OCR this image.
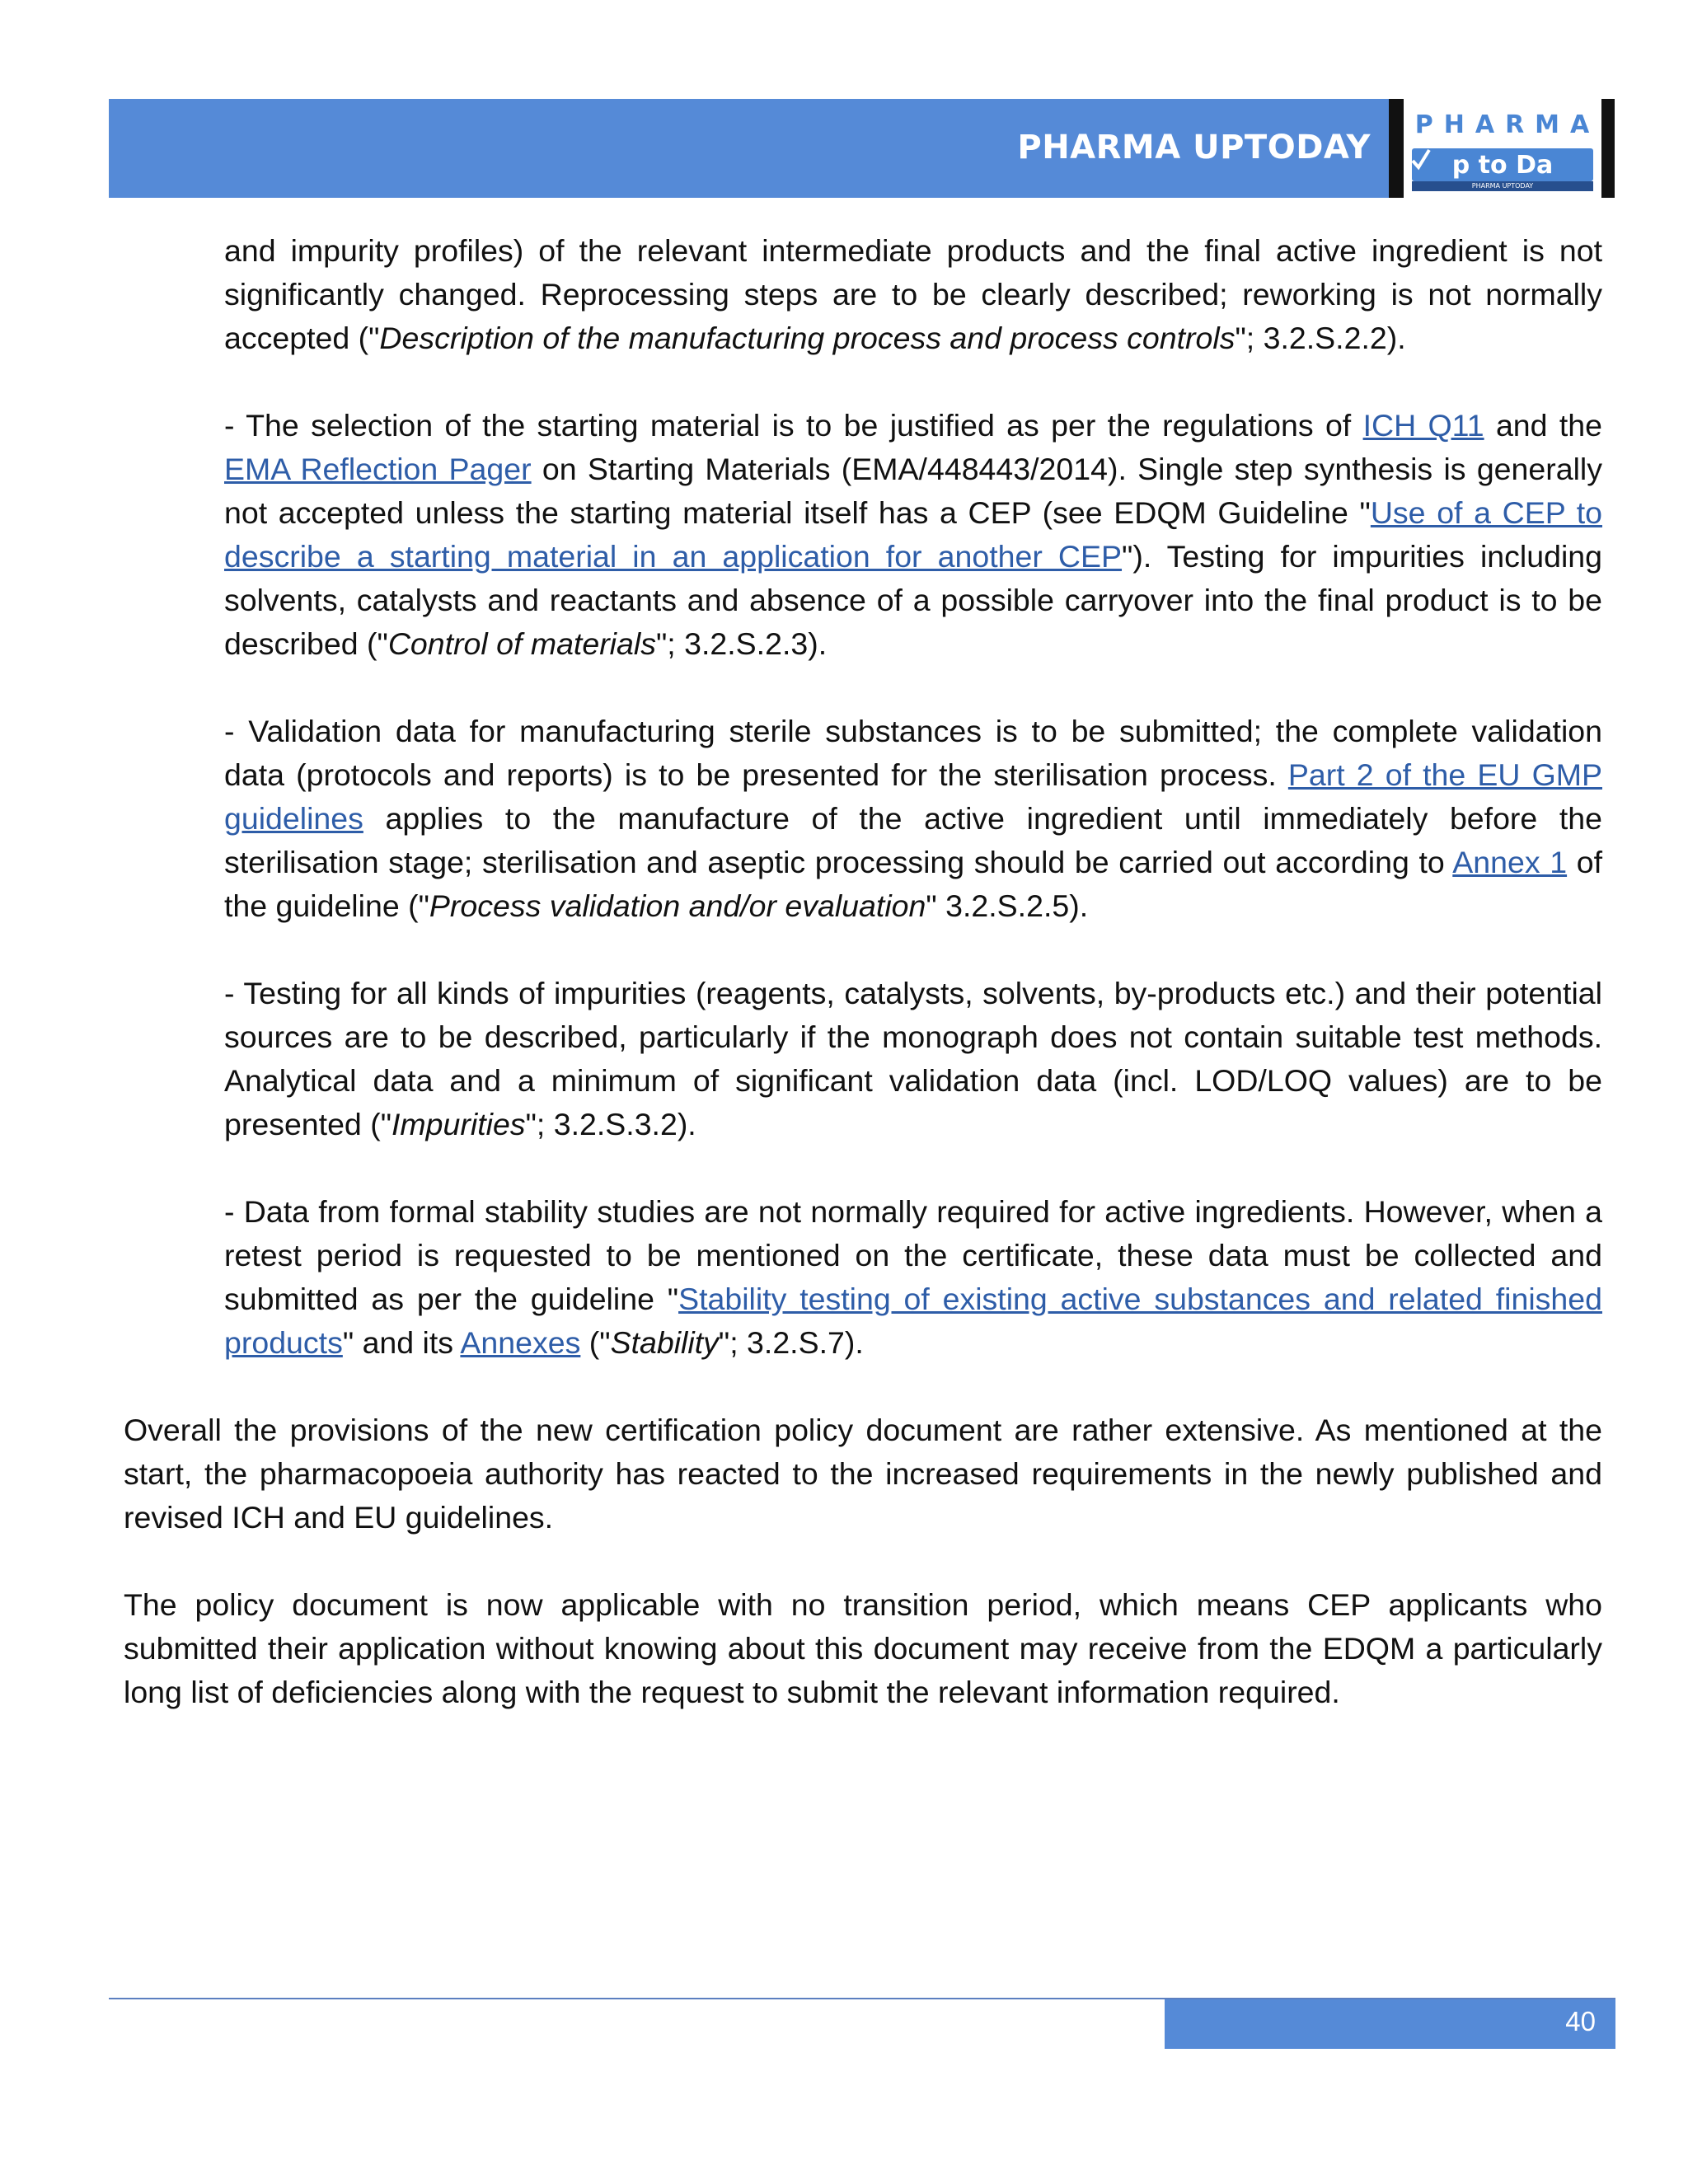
PHARMA UPTODAY
PHARMA
p to Da
PHARMA UPTODAY

and impurity profiles) of the relevant intermediate products and the final active ingredient is not significantly changed. Reprocessing steps are to be clearly described; reworking is not normally accepted ("Description of the manufacturing process and process controls"; 3.2.S.2.2).

- The selection of the starting material is to be justified as per the regulations of ICH Q11 and the EMA Reflection Pager on Starting Materials (EMA/448443/2014). Single step synthesis is generally not accepted unless the starting material itself has a CEP (see EDQM Guideline "Use of a CEP to describe a starting material in an application for another CEP"). Testing for impurities including solvents, catalysts and reactants and absence of a possible carryover into the final product is to be described ("Control of materials"; 3.2.S.2.3).

- Validation data for manufacturing sterile substances is to be submitted; the complete validation data (protocols and reports) is to be presented for the sterilisation process. Part 2 of the EU GMP guidelines applies to the manufacture of the active ingredient until immediately before the sterilisation stage; sterilisation and aseptic processing should be carried out according to Annex 1 of the guideline ("Process validation and/or evaluation" 3.2.S.2.5).

- Testing for all kinds of impurities (reagents, catalysts, solvents, by-products etc.) and their potential sources are to be described, particularly if the monograph does not contain suitable test methods. Analytical data and a minimum of significant validation data (incl. LOD/LOQ values) are to be presented ("Impurities"; 3.2.S.3.2).

- Data from formal stability studies are not normally required for active ingredients. However, when a retest period is requested to be mentioned on the certificate, these data must be collected and submitted as per the guideline "Stability testing of existing active substances and related finished products" and its Annexes ("Stability"; 3.2.S.7).

Overall the provisions of the new certification policy document are rather extensive. As mentioned at the start, the pharmacopoeia authority has reacted to the increased requirements in the newly published and revised ICH and EU guidelines.

The policy document is now applicable with no transition period, which means CEP applicants who submitted their application without knowing about this document may receive from the EDQM a particularly long list of deficiencies along with the request to submit the relevant information required.

40
